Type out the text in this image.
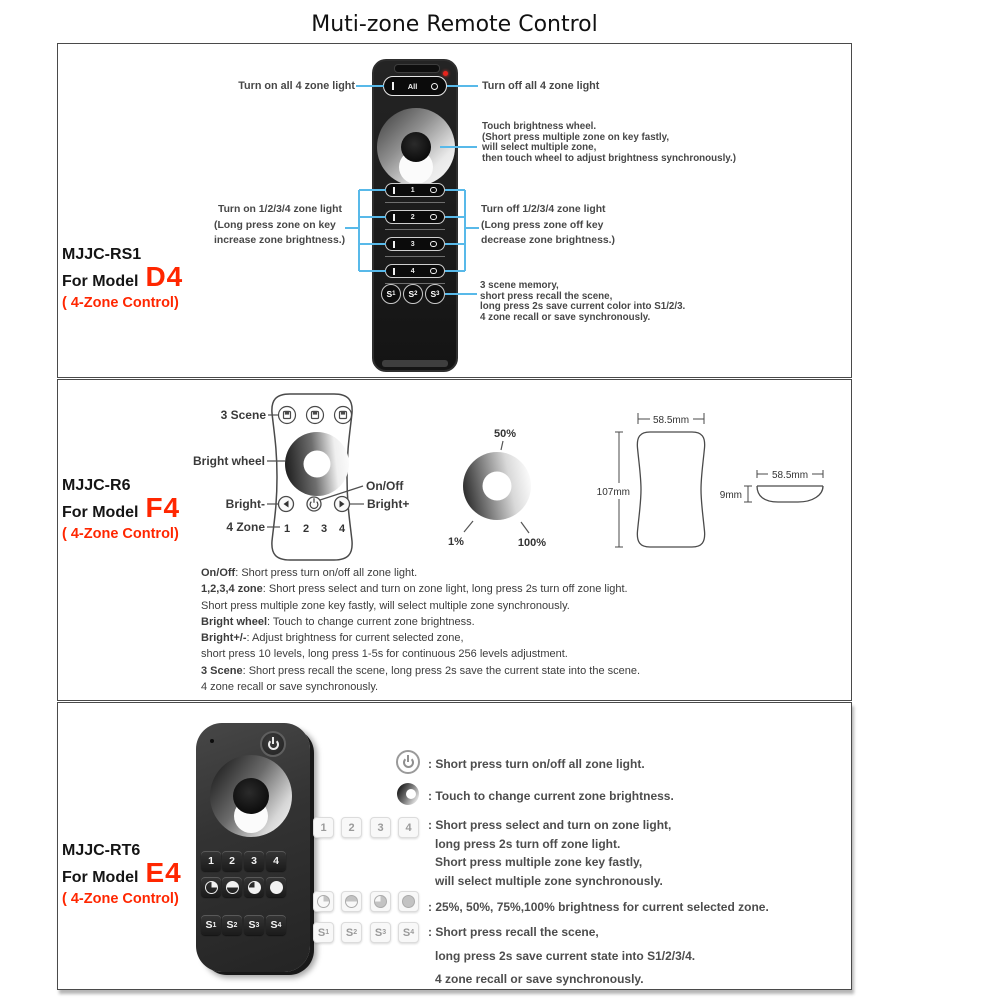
Muti-zone Remote Control
MJJC-RS1
For Model D4
( 4-Zone Control)
All
1
2
3
4
S 1 S 2 S 3
Turn on all 4 zone light	Turn off all 4 zone light
Touch brightness wheel.
(Short press multiple zone on key fastly,
will select multiple zone,
then touch wheel to adjust brightness synchronously.)
Turn on 1/2/3/4 zone light
(Long press zone on key
increase zone brightness.)
Turn off 1/2/3/4 zone light
(Long press zone off key
decrease zone brightness.)
3 scene memory,
short press recall the scene,
long press 2s save current color into S1/2/3.
4 zone recall or save synchronously.
MJJC-R6
For Model F4
( 4-Zone Control)
On/Off: Short press turn on/off all zone light.
1,2,3,4 zone: Short press select and turn on zone light, long press 2s turn off zone light.
Short press multiple zone key fastly, will select multiple zone synchronously.
Bright wheel: Touch to change current zone brightness.
Bright+/-: Adjust brightness for current selected zone,
short press 10 levels, long press 1-5s for continuous 256 levels adjustment.
3 Scene: Short press recall the scene, long press 2s save the current state into the scene.
4 zone recall or save synchronously.
MJJC-RT6
For Model E4
( 4-Zone Control)
1 2 3 4
S 1 S 2 S 3 S 4
1 2 3 4
S 1 S 2 S 3 S 4
: Short press turn on/off all zone light.
: Touch to change current zone brightness.
: Short press select and turn on zone light,
long press 2s turn off zone light.
Short press multiple zone key fastly,
will select multiple zone synchronously.
: 25%, 50%, 75%,100% brightness for current selected zone.
: Short press recall the scene,
long press 2s save current state into S1/2/3/4.
4 zone recall or save synchronously.
1 2 3 4
3 Scene
Bright wheel
On/Off
Bright-	Bright+
4 Zone
50%
1%	100%
58.5mm
107mm
58.5mm
9mm
